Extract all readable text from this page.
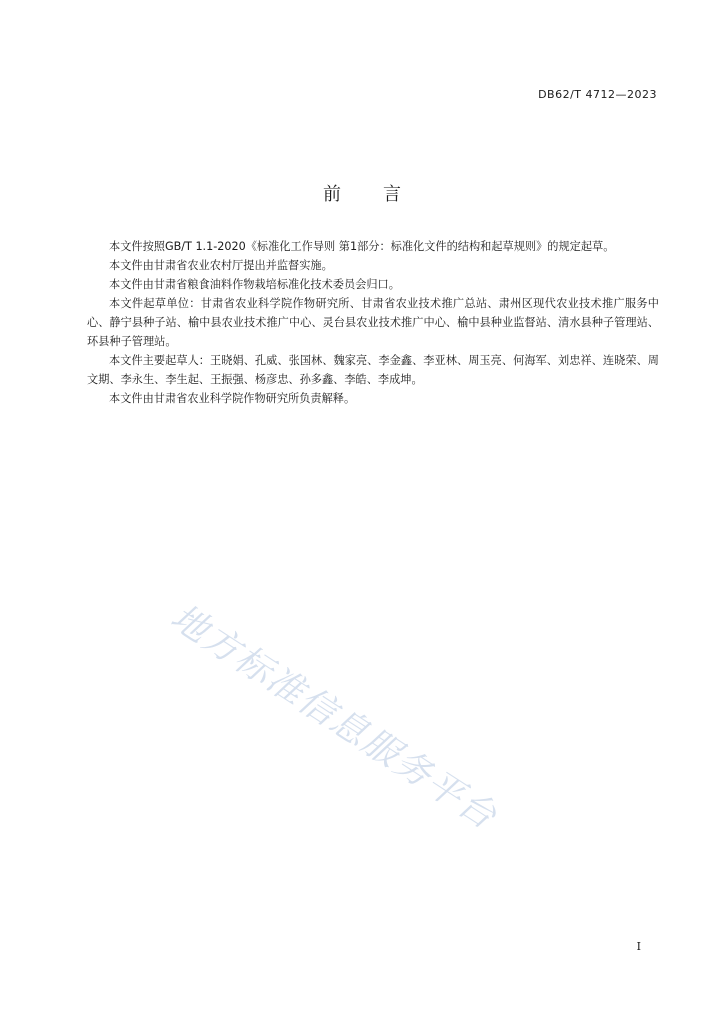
DB62/T 4712—2023
前言

本文件按照GB/T 1.1-2020《标准化工作导则 第1部分：标准化文件的结构和起草规则》的规定起草。

本文件由甘肃省农业农村厅提出并监督实施。

本文件由甘肃省粮食油料作物栽培标准化技术委员会归口。

本文件起草单位：甘肃省农业科学院作物研究所、甘肃省农业技术推广总站、肃州区现代农业技术推广服务中心、静宁县种子站、榆中县农业技术推广中心、灵台县农业技术推广中心、榆中县种业监督站、清水县种子管理站、环县种子管理站。

本文件主要起草人：王晓娟、孔威、张国林、魏家亮、李金鑫、李亚林、周玉亮、何海军、刘忠祥、连晓荣、周文期、李永生、李生起、王振强、杨彦忠、孙多鑫、李皓、李成坤。

本文件由甘肃省农业科学院作物研究所负责解释。

地方标准信息服务平台
I
